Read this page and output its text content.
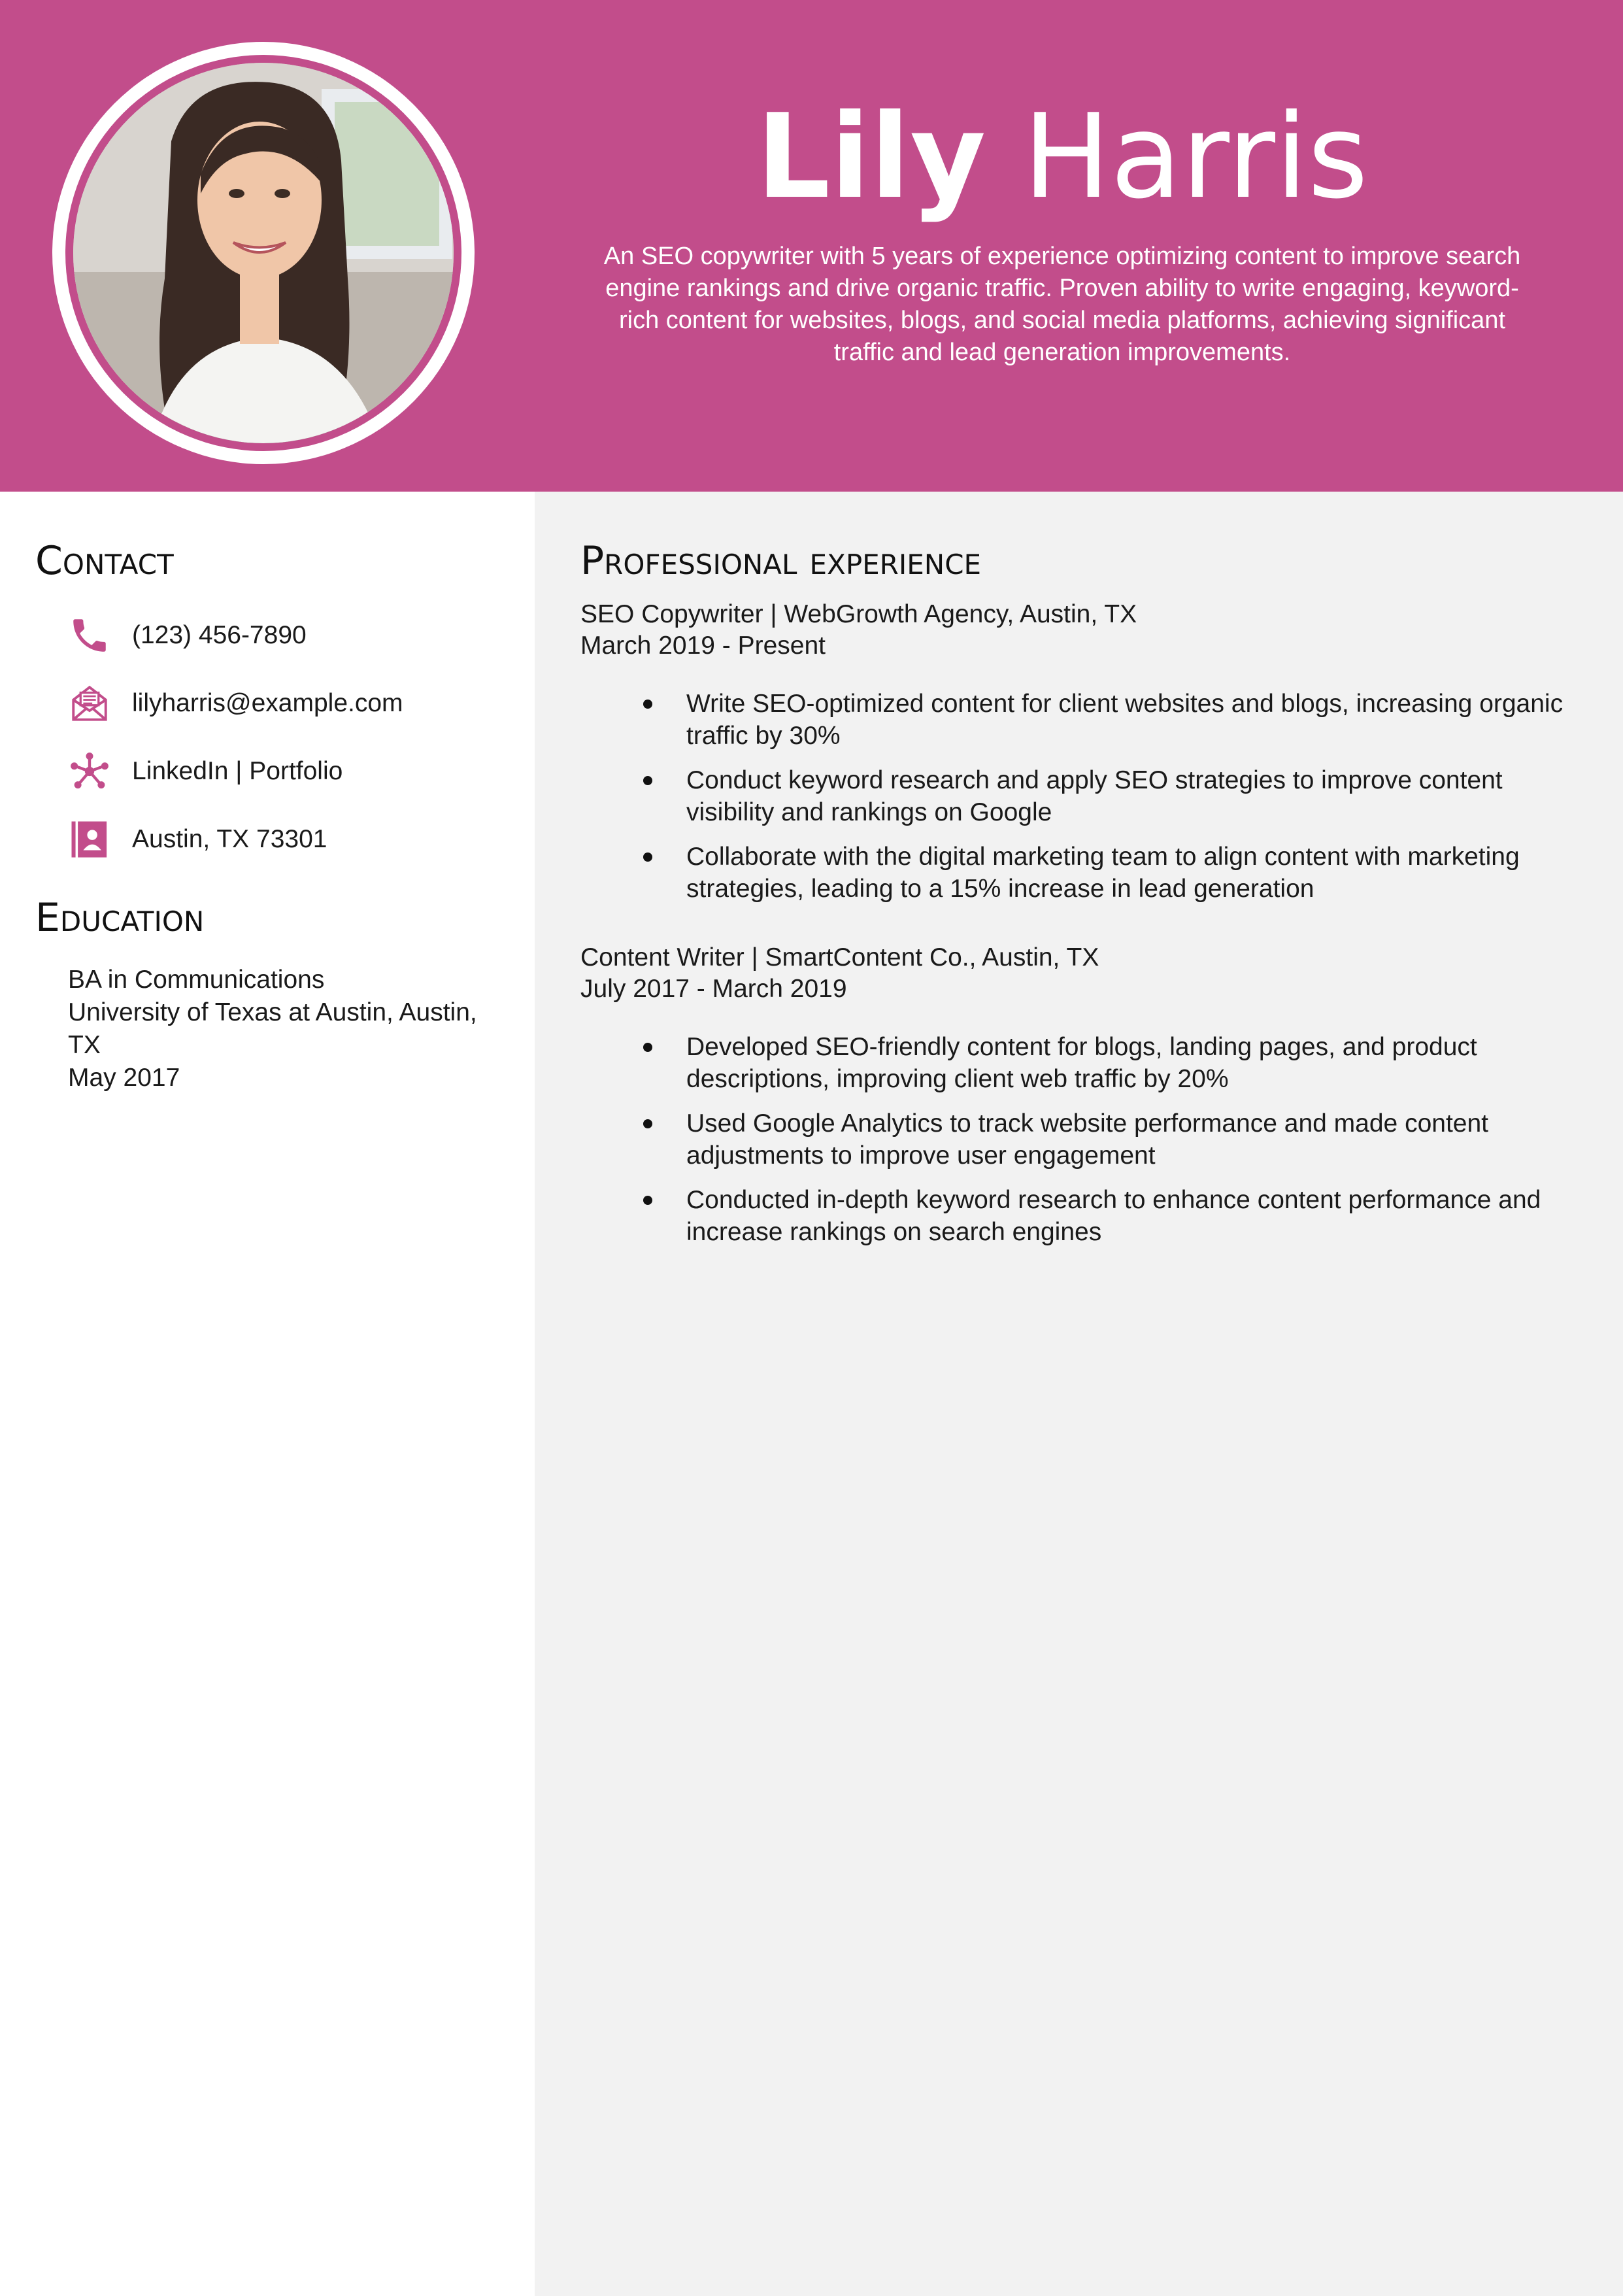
Lily Harris
An SEO copywriter with 5 years of experience optimizing content to improve search engine rankings and drive organic traffic. Proven ability to write engaging, keyword-rich content for websites, blogs, and social media platforms, achieving significant traffic and lead generation improvements.
Contact
(123) 456-7890
lilyharris@example.com
LinkedIn | Portfolio
Austin, TX 73301
Education
BA in Communications
University of Texas at Austin, Austin, TX
May 2017
Professional experience
SEO Copywriter | WebGrowth Agency, Austin, TX
March 2019 - Present
Write SEO-optimized content for client websites and blogs, increasing organic traffic by 30%
Conduct keyword research and apply SEO strategies to improve content visibility and rankings on Google
Collaborate with the digital marketing team to align content with marketing strategies, leading to a 15% increase in lead generation
Content Writer | SmartContent Co., Austin, TX
July 2017 - March 2019
Developed SEO-friendly content for blogs, landing pages, and product descriptions, improving client web traffic by 20%
Used Google Analytics to track website performance and made content adjustments to improve user engagement
Conducted in-depth keyword research to enhance content performance and increase rankings on search engines
